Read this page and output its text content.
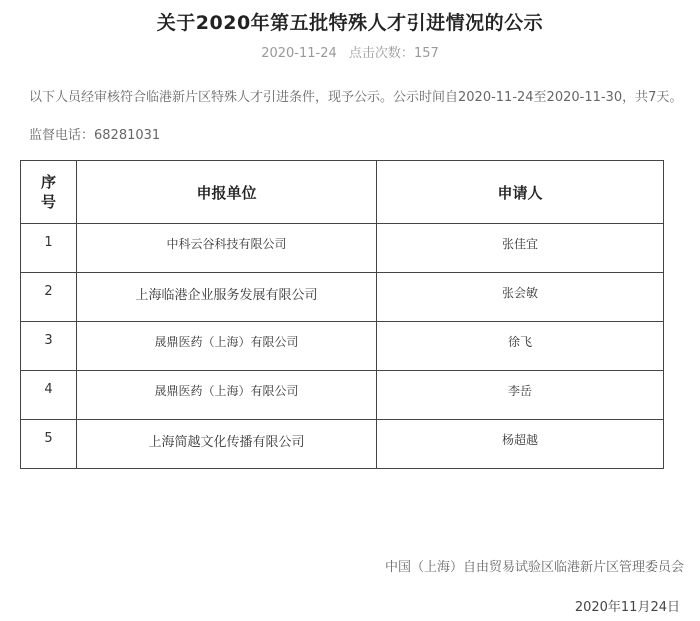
关于2020年第五批特殊人才引进情况的公示
2020-11-24 点击次数：157
以下人员经审核符合临港新片区特殊人才引进条件，现予公示。公示时间自2020-11-24至2020-11-30，共7天。
监督电话：68281031
序号	申报单位	申请人
1	中科云谷科技有限公司	张佳宜
2	上海临港企业服务发展有限公司	张会敏
3	晟鼎医药（上海）有限公司	徐飞
4	晟鼎医药（上海）有限公司	李岳
5	上海简越文化传播有限公司	杨超越
中国（上海）自由贸易试验区临港新片区管理委员会
2020年11月24日
